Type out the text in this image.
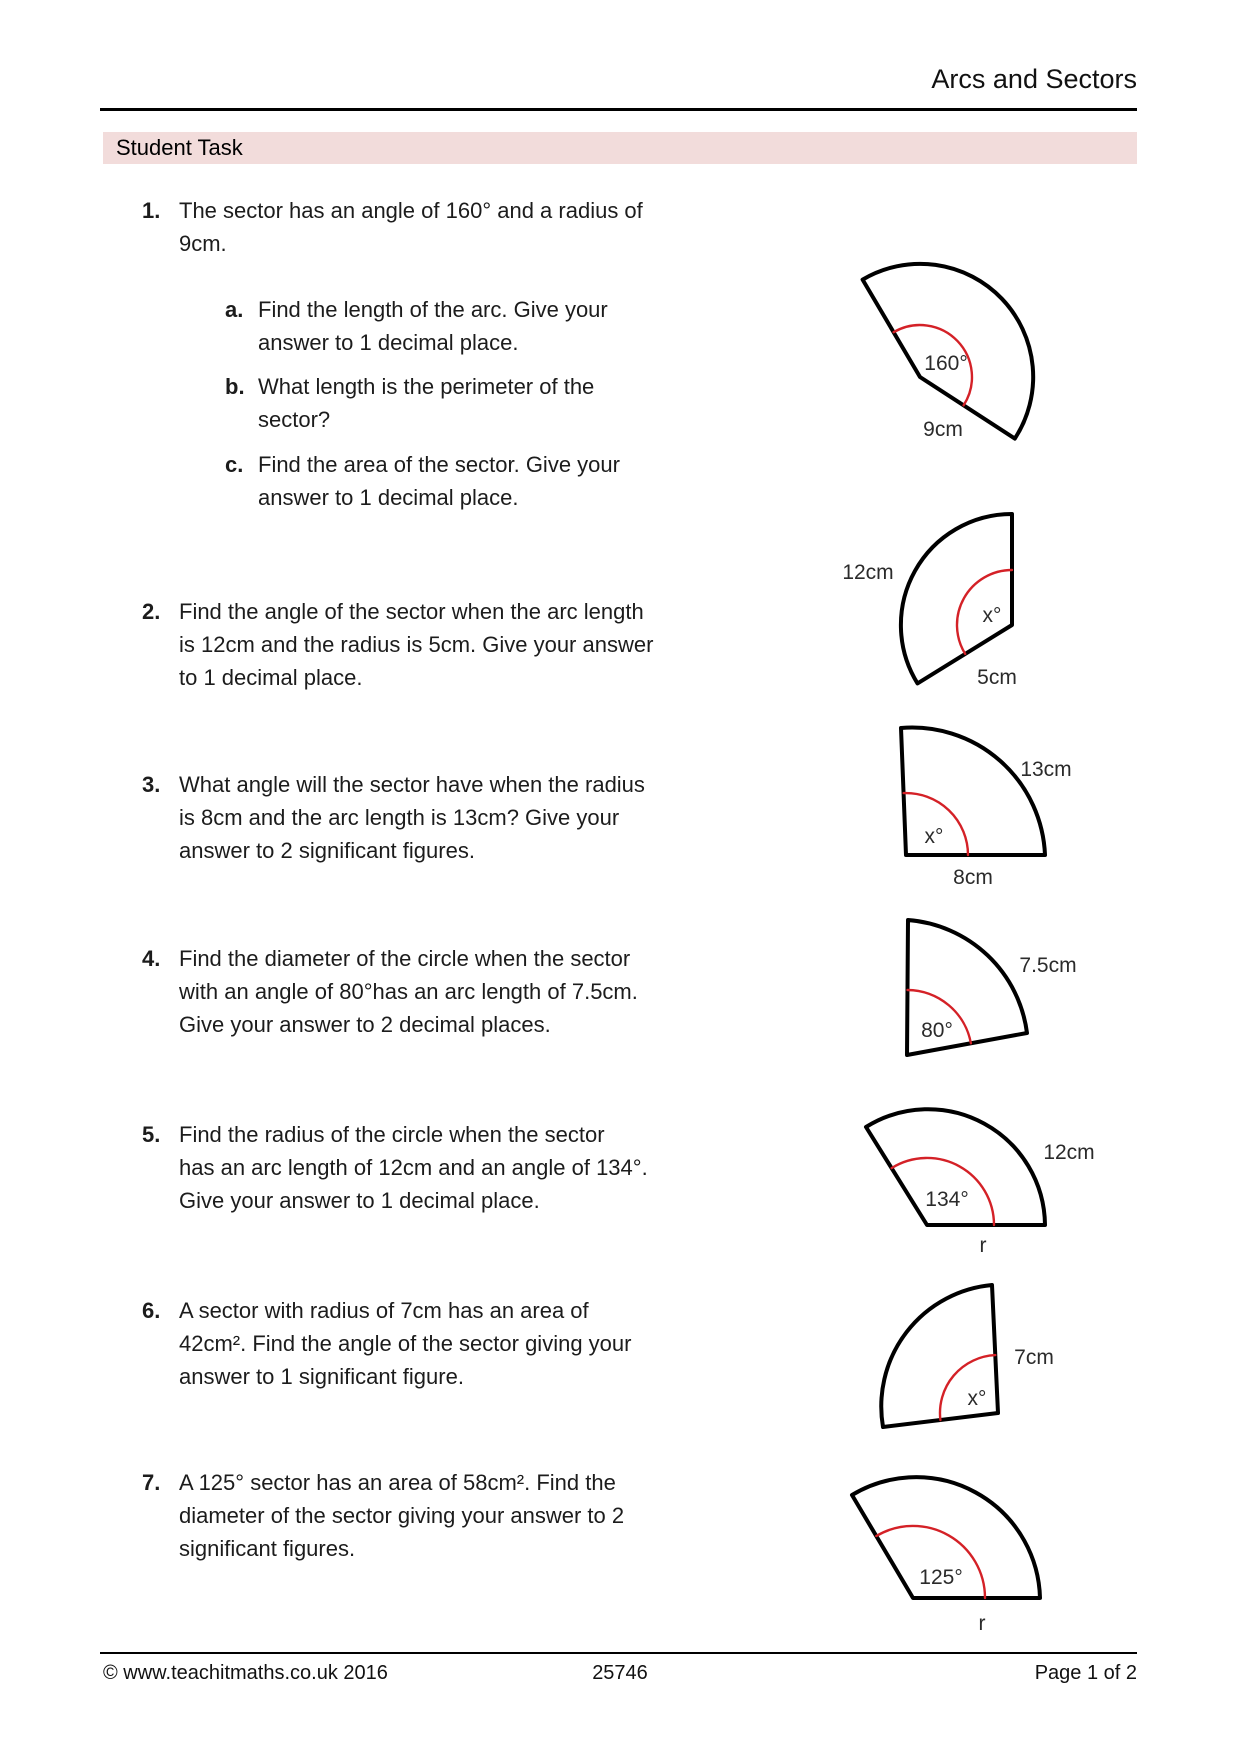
Arcs and Sectors
Student Task
1. The sector has an angle of 160° and a radius of
9cm.
a. Find the length of the arc. Give your
answer to 1 decimal place.
b. What length is the perimeter of the
sector?
c. Find the area of the sector. Give your
answer to 1 decimal place.
2. Find the angle of the sector when the arc length
is 12cm and the radius is 5cm. Give your answer
to 1 decimal place.
3. What angle will the sector have when the radius
is 8cm and the arc length is 13cm? Give your
answer to 2 significant figures.
4. Find the diameter of the circle when the sector
with an angle of 80°has an arc length of 7.5cm.
Give your answer to 2 decimal places.
5. Find the radius of the circle when the sector
has an arc length of 12cm and an angle of 134°.
Give your answer to 1 decimal place.
6. A sector with radius of 7cm has an area of
42cm². Find the angle of the sector giving your
answer to 1 significant figure.
7. A 125° sector has an area of 58cm². Find the
diameter of the sector giving your answer to 2
significant figures.
160°
9cm
12cm
x°
5cm
13cm
x°
8cm
7.5cm
80°
12cm
134°
r
7cm
x°
125°
r
© www.teachitmaths.co.uk 2016	25746	Page 1 of 2
